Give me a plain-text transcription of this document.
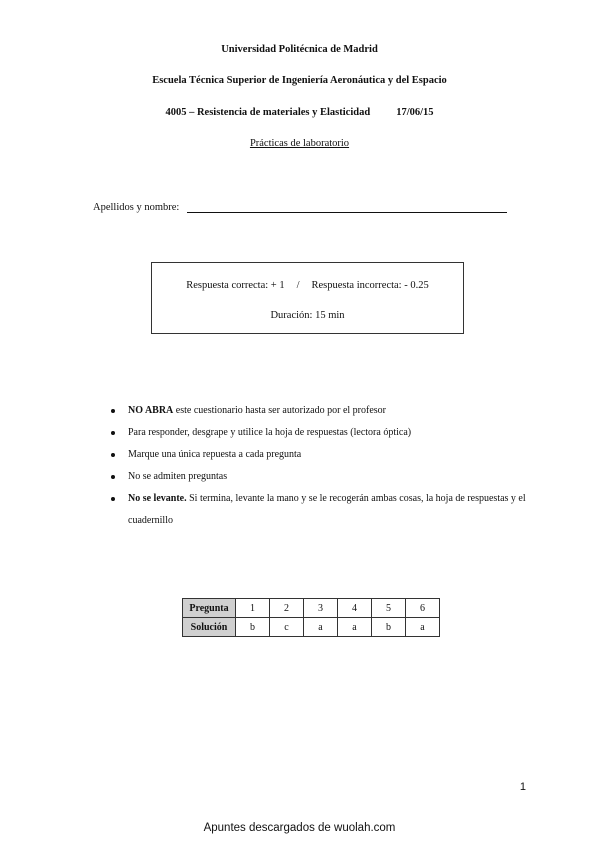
Universidad Politécnica de Madrid
Escuela Técnica Superior de Ingeniería Aeronáutica y del Espacio
4005 – Resistencia de materiales y Elasticidad 17/06/15
Prácticas de laboratorio
Apellidos y nombre:
Respuesta correcta: + 1 / Respuesta incorrecta: - 0.25
Duración: 15 min
NO ABRA este cuestionario hasta ser autorizado por el profesor
Para responder, desgrape y utilice la hoja de respuestas (lectora óptica)
Marque una única repuesta a cada pregunta
No se admiten preguntas
No se levante. Si termina, levante la mano y se le recogerán ambas cosas, la hoja de respuestas y el cuadernillo
Pregunta	1	2	3	4	5	6
Solución	b	c	a	a	b	a
1
Apuntes descargados de wuolah.com
